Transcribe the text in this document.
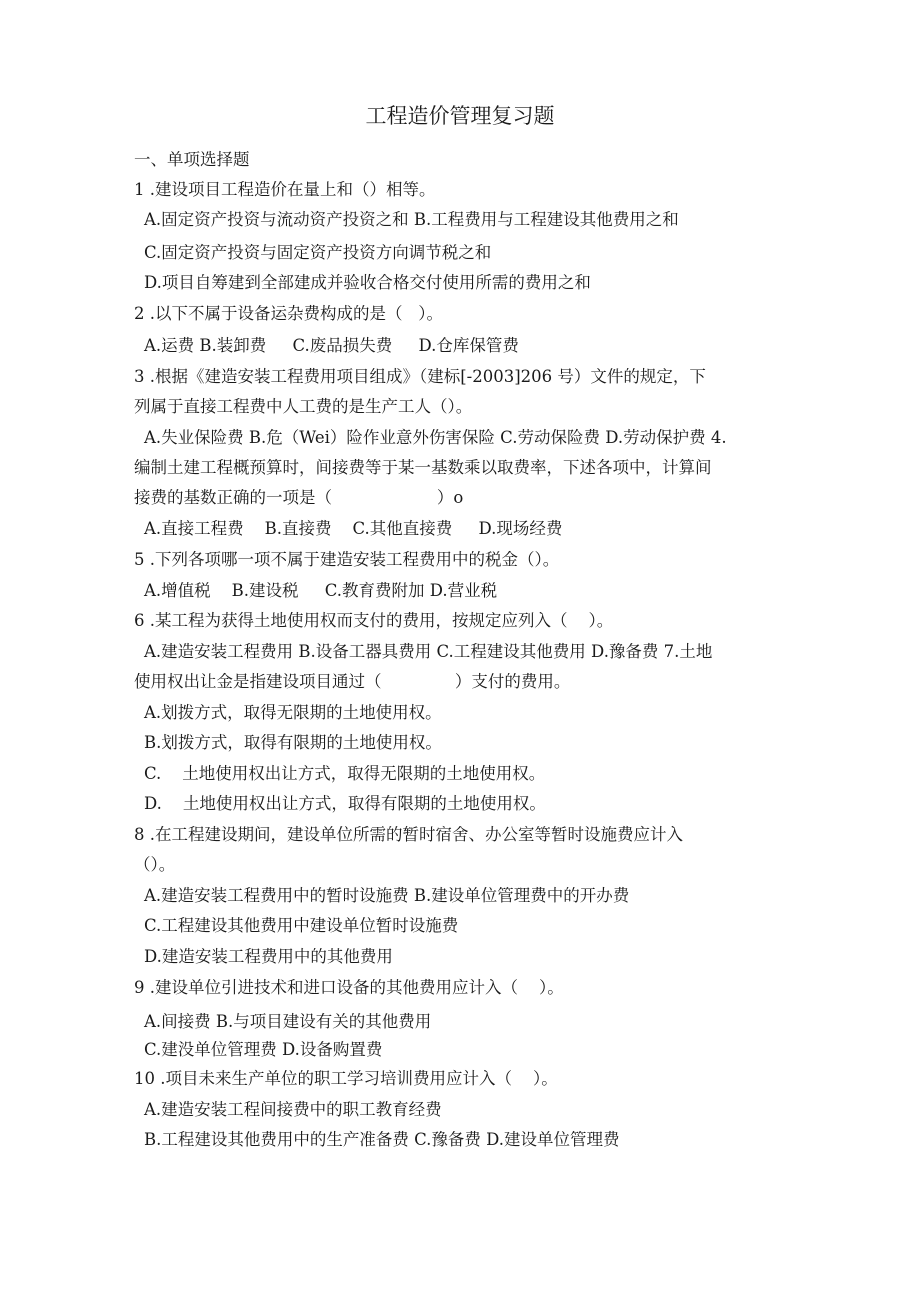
工程造价管理复习题
一、单项选择题
1 .建设项目工程造价在量上和（）相等。
A.固定资产投资与流动资产投资之和 B.工程费用与工程建设其他费用之和
C.固定资产投资与固定资产投资方向调节税之和
D.项目自筹建到全部建成并验收合格交付使用所需的费用之和
2 .以下不属于设备运杂费构成的是（   ）。
A.运费 B.装卸费     C.废品损失费     D.仓库保管费
3 .根据《建造安装工程费用项目组成》（建标[-2003]206 号）文件的规定，下
列属于直接工程费中人工费的是生产工人（）。
A.失业保险费 B.危（Wei）险作业意外伤害保险 C.劳动保险费 D.劳动保护费 4.
编制土建工程概预算时，间接费等于某一基数乘以取费率，下述各项中，计算间
接费的基数正确的一项是（                    ）o
A.直接工程费    B.直接费    C.其他直接费     D.现场经费
5 .下列各项哪一项不属于建造安装工程费用中的税金（）。
A.增值税    B.建设税     C.教育费附加 D.营业税
6 .某工程为获得土地使用权而支付的费用，按规定应列入（    ）。
A.建造安装工程费用 B.设备工器具费用 C.工程建设其他费用 D.豫备费 7.土地
使用权出让金是指建设项目通过（              ）支付的费用。
A.划拨方式，取得无限期的土地使用权。
B.划拨方式，取得有限期的土地使用权。
C.    土地使用权出让方式，取得无限期的土地使用权。
D.    土地使用权出让方式，取得有限期的土地使用权。
8 .在工程建设期间，建设单位所需的暂时宿舍、办公室等暂时设施费应计入
（）。
A.建造安装工程费用中的暂时设施费 B.建设单位管理费中的开办费
C.工程建设其他费用中建设单位暂时设施费
D.建造安装工程费用中的其他费用
9 .建设单位引进技术和进口设备的其他费用应计入（    ）。
A.间接费 B.与项目建设有关的其他费用
C.建没单位管理费 D.设备购置费
10 .项目未来生产单位的职工学习培训费用应计入（    ）。
A.建造安装工程间接费中的职工教育经费
B.工程建设其他费用中的生产准备费 C.豫备费 D.建设单位管理费
